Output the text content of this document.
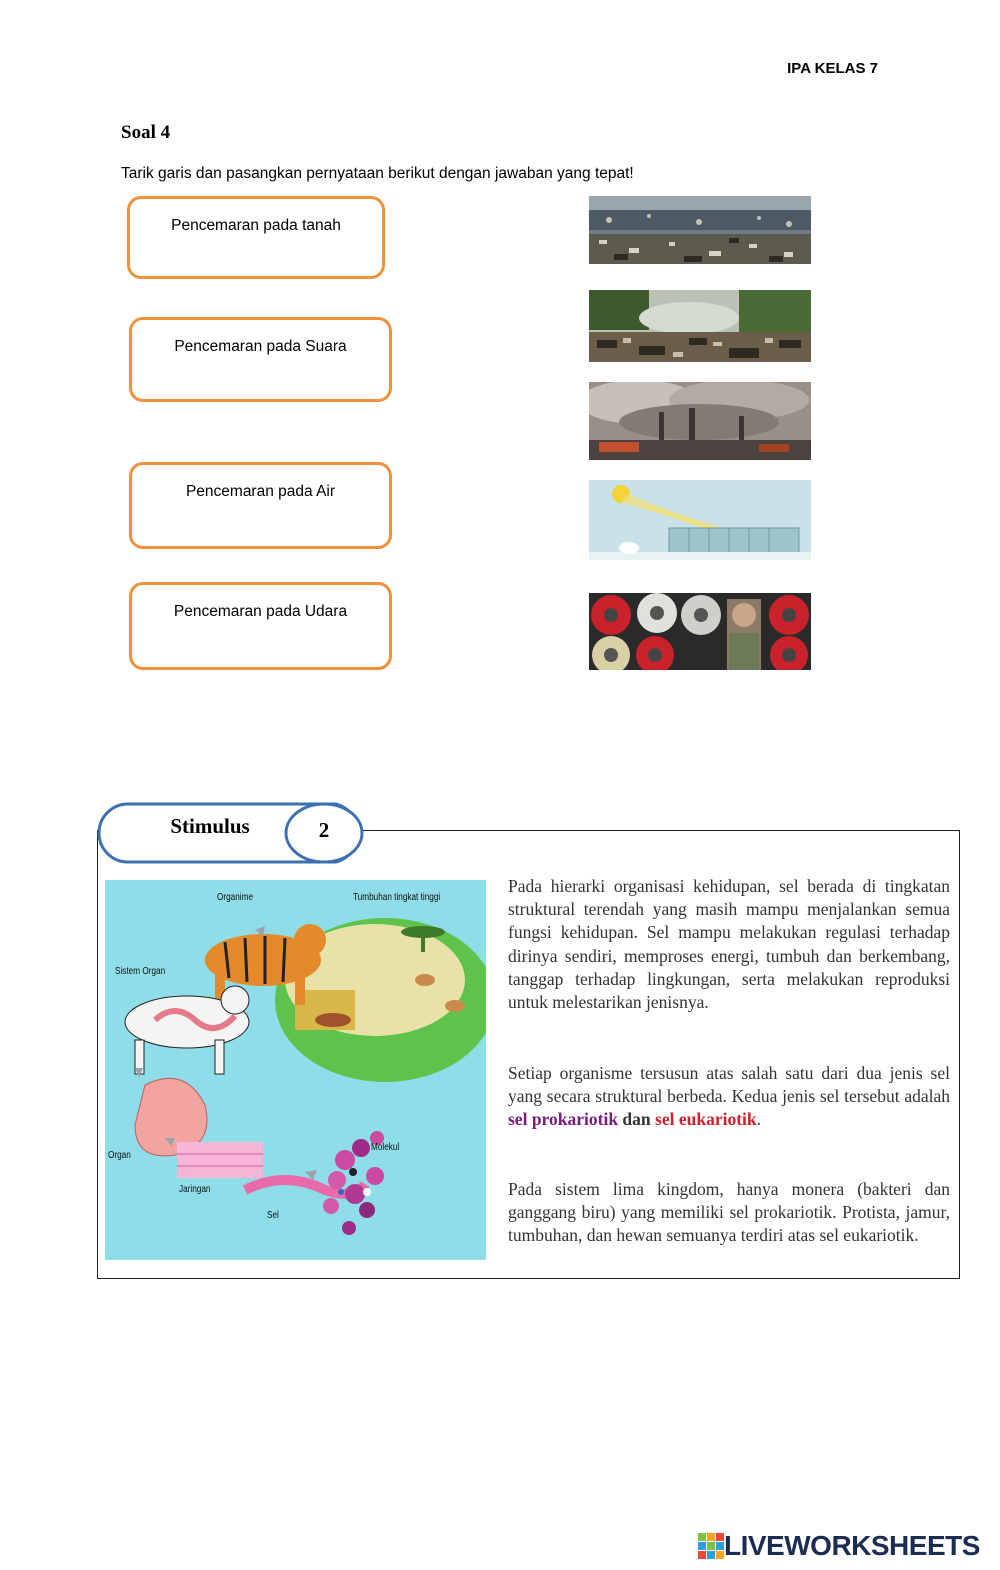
IPA KELAS 7
Soal 4
Tarik garis dan pasangkan pernyataan berikut dengan jawaban yang tepat!
Pencemaran pada tanah
Pencemaran pada Suara
Pencemaran pada Air
Pencemaran pada Udara
Stimulus	2
Organime	Tumbuhan tingkat tinggi
Sistem Organ
Organ
Jaringan
Sel
Molekul
Pada hierarki organisasi kehidupan, sel berada di tingkatan struktural terendah yang masih mampu menjalankan semua fungsi kehidupan. Sel mampu melakukan regulasi terhadap dirinya sendiri, memproses energi, tumbuh dan berkembang, tanggap terhadap lingkungan, serta melakukan reproduksi untuk melestarikan jenisnya.
Setiap organisme tersusun atas salah satu dari dua jenis sel yang secara struktural berbeda. Kedua jenis sel tersebut adalah sel prokariotik dan sel eukariotik.
Pada sistem lima kingdom, hanya monera (bakteri dan ganggang biru) yang memiliki sel prokariotik. Protista, jamur, tumbuhan, dan hewan semuanya terdiri atas sel eukariotik.
LIVEWORKSHEETS
